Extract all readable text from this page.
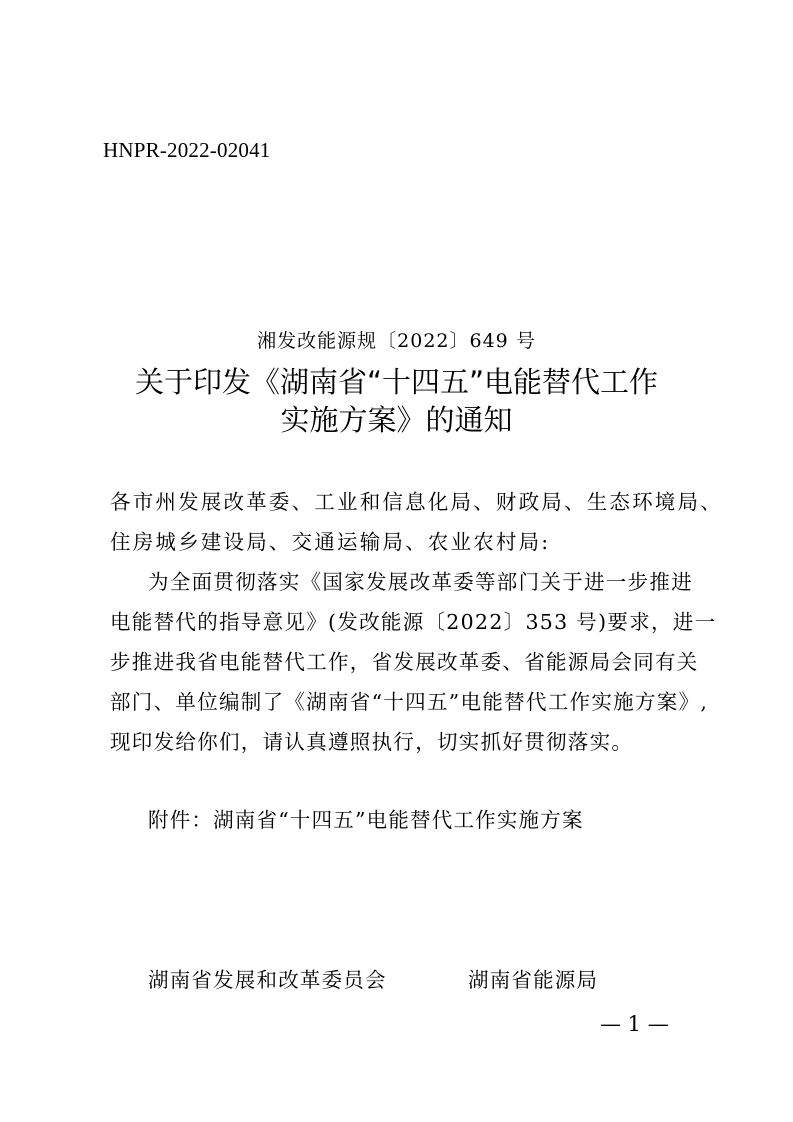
HNPR-2022-02041
湘发改能源规〔2022〕649 号
关于印发《湖南省“十四五”电能替代工作
实施方案》的通知
各市州发展改革委、工业和信息化局、财政局、生态环境局、
住房城乡建设局、交通运输局、农业农村局:
为全面贯彻落实《国家发展改革委等部门关于进一步推进
电能替代的指导意见》(发改能源〔2022〕353 号)要求，进一
步推进我省电能替代工作，省发展改革委、省能源局会同有关
部门、单位编制了《湖南省“十四五”电能替代工作实施方案》,
现印发给你们，请认真遵照执行，切实抓好贯彻落实。
附件：湖南省“十四五”电能替代工作实施方案
湖南省发展和改革委员会	湖南省能源局
— 1 —
